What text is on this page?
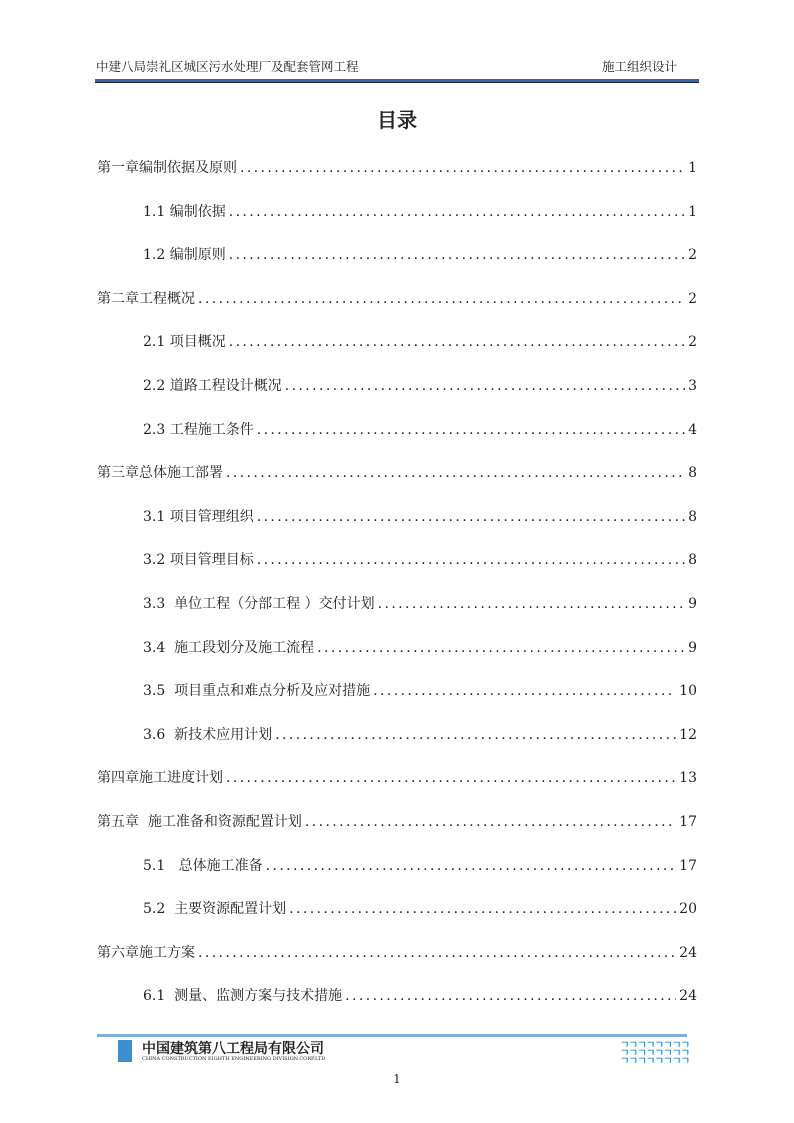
中建八局崇礼区城区污水处理厂及配套管网工程	施工组织设计
目录
第一章编制依据及原则 .....	1
1.1 编制依据 .....	1
1.2 编制原则 .....	2
第二章工程概况 .....	2
2.1 项目概况 .....	2
2.2 道路工程设计概况 .....	3
2.3 工程施工条件 .....	4
第三章总体施工部署 .....	8
3.1 项目管理组织 .....	8
3.2 项目管理目标 .....	8
3.3  单位工程（分部工程 ）交付计划 .....	9
3.4  施工段划分及施工流程 .....	9
3.5  项目重点和难点分析及应对措施 .....	10
3.6  新技术应用计划 .....	12
第四章施工进度计划 .....	13
第五章  施工准备和资源配置计划 .....	17
5.1   总体施工准备 .....	17
5.2  主要资源配置计划 .....	20
第六章施工方案 .....	24
6.1  测量、监测方案与技术措施 .....	24
中国建筑第八工程局有限公司
CHINA CONSTRUCTION EIGHTH ENGINEERING DIVISION.CORP.LTD
ㄱㄱㄱㄱㄱㄱㄱㄱ
ㄱㄱㄱㄱㄱㄱㄱㄱ
ㄱㄱㄱㄱㄱㄱㄱㄱ
1
